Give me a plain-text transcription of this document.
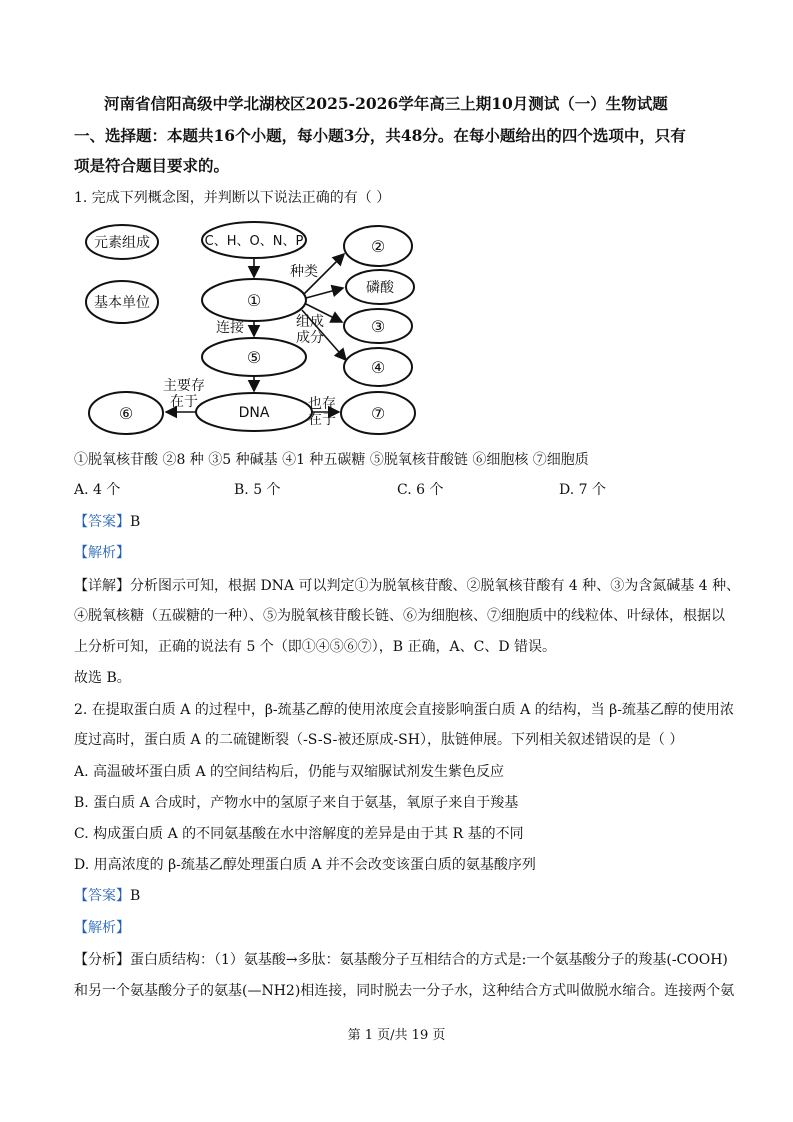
河南省信阳高级中学北湖校区2025-2026学年高三上期10月测试（一）生物试题
一、选择题：本题共16个小题，每小题3分，共48分。在每小题给出的四个选项中，只有
项是符合题目要求的。
1. 完成下列概念图，并判断以下说法正确的有（ ）
元素组成	C、H、O、N、P
基本单位	①
⑤
DNA
⑥	⑦
②
磷酸
③
④
种类
连接	组成
成分
主要存
在于	也存
在于
①脱氧核苷酸 ②8 种 ③5 种碱基 ④1 种五碳糖 ⑤脱氧核苷酸链 ⑥细胞核 ⑦细胞质
A. 4 个	B. 5 个	C. 6 个	D. 7 个
【答案】B
【解析】
【详解】分析图示可知，根据 DNA 可以判定①为脱氧核苷酸、②脱氧核苷酸有 4 种、③为含氮碱基 4 种、
④脱氧核糖（五碳糖的一种）、⑤为脱氧核苷酸长链、⑥为细胞核、⑦细胞质中的线粒体、叶绿体，根据以
上分析可知，正确的说法有 5 个（即①④⑤⑥⑦），B 正确，A、C、D 错误。
故选 B。
2. 在提取蛋白质 A 的过程中，β-巯基乙醇的使用浓度会直接影响蛋白质 A 的结构，当 β-巯基乙醇的使用浓
度过高时，蛋白质 A 的二硫键断裂（-S-S-被还原成-SH），肽链伸展。下列相关叙述错误的是（ ）
A. 高温破坏蛋白质 A 的空间结构后，仍能与双缩脲试剂发生紫色反应
B. 蛋白质 A 合成时，产物水中的氢原子来自于氨基，氧原子来自于羧基
C. 构成蛋白质 A 的不同氨基酸在水中溶解度的差异是由于其 R 基的不同
D. 用高浓度的 β-巯基乙醇处理蛋白质 A 并不会改变该蛋白质的氨基酸序列
【答案】B
【解析】
【分析】蛋白质结构：（1）氨基酸→多肽：氨基酸分子互相结合的方式是:一个氨基酸分子的羧基(-COOH)
和另一个氨基酸分子的氨基(—NH2)相连接，同时脱去一分子水，这种结合方式叫做脱水缩合。连接两个氨
第 1 页/共 19 页
